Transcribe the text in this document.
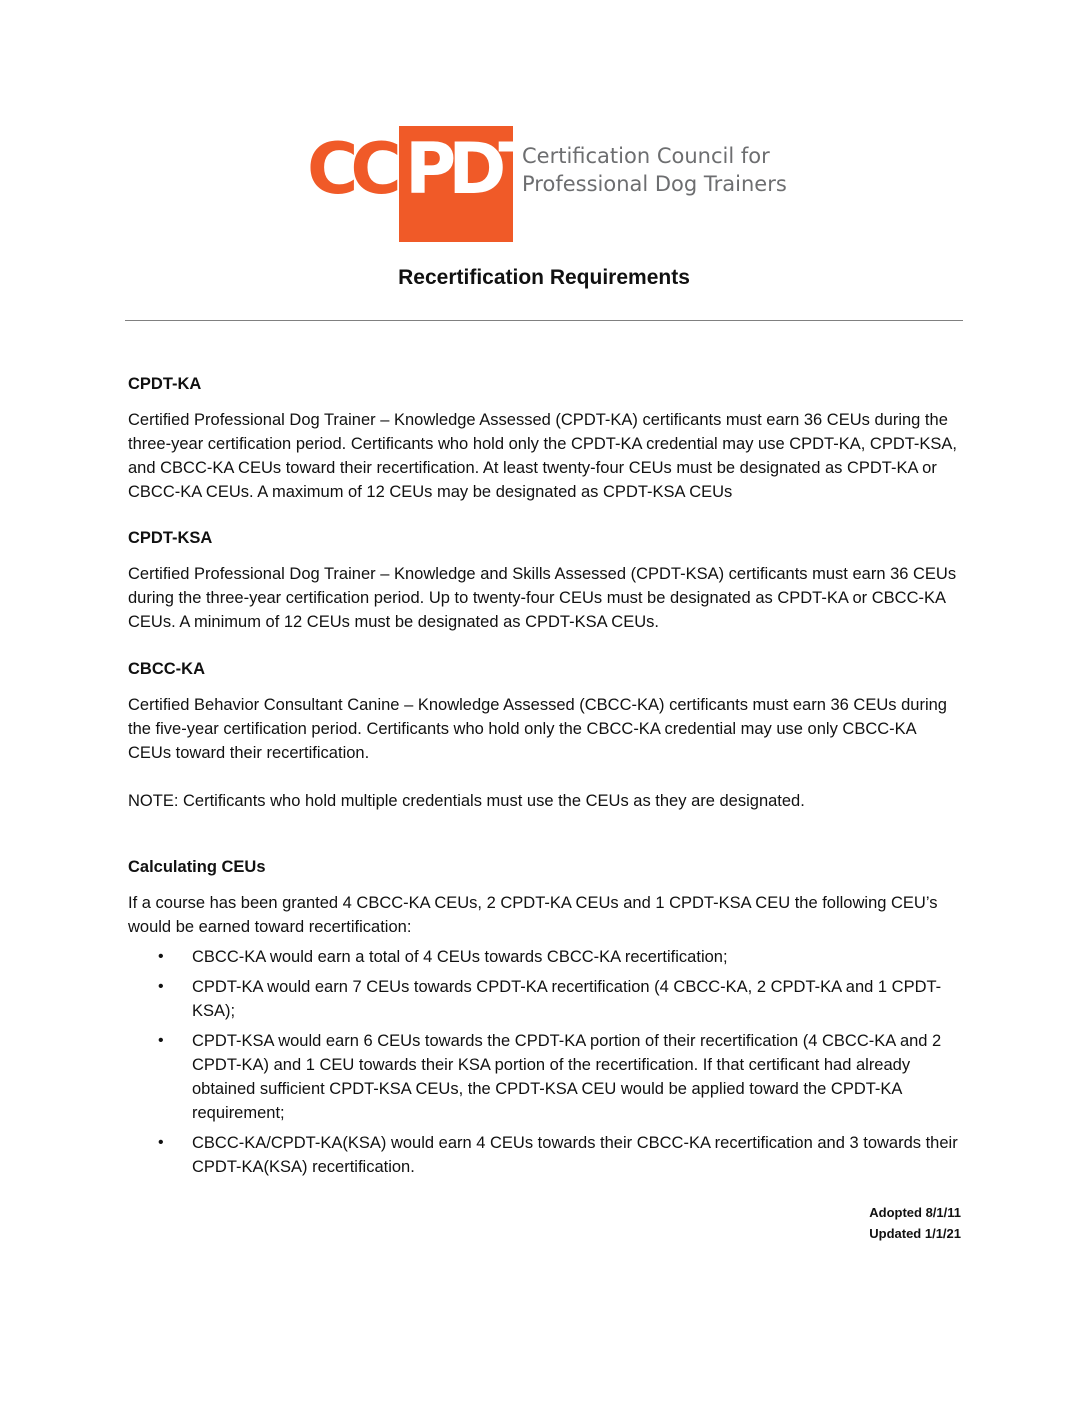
CC PDT
Certification Council for
Professional Dog Trainers
Recertification Requirements
CPDT-KA

Certified Professional Dog Trainer – Knowledge Assessed (CPDT-KA) certificants must earn 36 CEUs during the three-year certification period. Certificants who hold only the CPDT-KA credential may use CPDT-KA, CPDT-KSA, and CBCC-KA CEUs toward their recertification. At least twenty-four CEUs must be designated as CPDT-KA or CBCC-KA CEUs. A maximum of 12 CEUs may be designated as CPDT-KSA CEUs

CPDT-KSA

Certified Professional Dog Trainer – Knowledge and Skills Assessed (CPDT-KSA) certificants must earn 36 CEUs during the three-year certification period. Up to twenty-four CEUs must be designated as CPDT-KA or CBCC-KA CEUs. A minimum of 12 CEUs must be designated as CPDT-KSA CEUs.

CBCC-KA

Certified Behavior Consultant Canine – Knowledge Assessed (CBCC-KA) certificants must earn 36 CEUs during the five-year certification period. Certificants who hold only the CBCC-KA credential may use only CBCC-KA CEUs toward their recertification.

NOTE: Certificants who hold multiple credentials must use the CEUs as they are designated.

Calculating CEUs

If a course has been granted 4 CBCC-KA CEUs, 2 CPDT-KA CEUs and 1 CPDT-KSA CEU the following CEU’s would be earned toward recertification:

• CBCC-KA would earn a total of 4 CEUs towards CBCC-KA recertification;
• CPDT-KA would earn 7 CEUs towards CPDT-KA recertification (4 CBCC-KA, 2 CPDT-KA and 1 CPDT-KSA);
• CPDT-KSA would earn 6 CEUs towards the CPDT-KA portion of their recertification (4 CBCC-KA and 2 CPDT-KA) and 1 CEU towards their KSA portion of the recertification. If that certificant had already obtained sufficient CPDT-KSA CEUs, the CPDT-KSA CEU would be applied toward the CPDT-KA requirement;
• CBCC-KA/CPDT-KA(KSA) would earn 4 CEUs towards their CBCC-KA recertification and 3 towards their CPDT-KA(KSA) recertification.
Adopted 8/1/11
Updated 1/1/21
